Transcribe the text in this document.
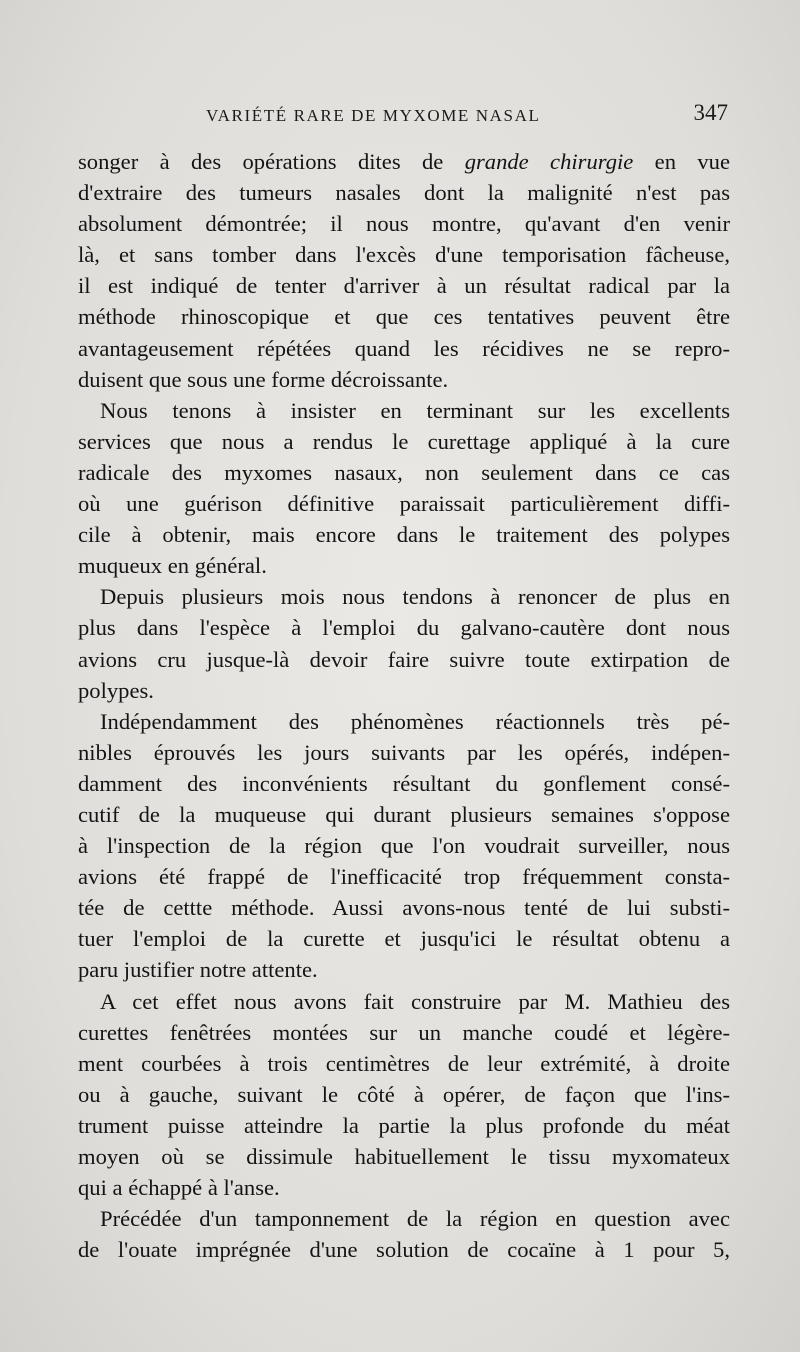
VARIÉTÉ RARE DE MYXOME NASAL	347

songer à des opérations dites de grande chirurgie en vue
d'extraire des tumeurs nasales dont la malignité n'est pas
absolument démontrée; il nous montre, qu'avant d'en venir
là, et sans tomber dans l'excès d'une temporisation fâcheuse,
il est indiqué de tenter d'arriver à un résultat radical par la
méthode rhinoscopique et que ces tentatives peuvent être
avantageusement répétées quand les récidives ne se repro-
duisent que sous une forme décroissante.

Nous tenons à insister en terminant sur les excellents
services que nous a rendus le curettage appliqué à la cure
radicale des myxomes nasaux, non seulement dans ce cas
où une guérison définitive paraissait particulièrement diffi-
cile à obtenir, mais encore dans le traitement des polypes
muqueux en général.

Depuis plusieurs mois nous tendons à renoncer de plus en
plus dans l'espèce à l'emploi du galvano-cautère dont nous
avions cru jusque-là devoir faire suivre toute extirpation de
polypes.

Indépendamment des phénomènes réactionnels très pé-
nibles éprouvés les jours suivants par les opérés, indépen-
damment des inconvénients résultant du gonflement consé-
cutif de la muqueuse qui durant plusieurs semaines s'oppose
à l'inspection de la région que l'on voudrait surveiller, nous
avions été frappé de l'inefficacité trop fréquemment consta-
tée de cettte méthode. Aussi avons-nous tenté de lui substi-
tuer l'emploi de la curette et jusqu'ici le résultat obtenu a
paru justifier notre attente.

A cet effet nous avons fait construire par M. Mathieu des
curettes fenêtrées montées sur un manche coudé et légère-
ment courbées à trois centimètres de leur extrémité, à droite
ou à gauche, suivant le côté à opérer, de façon que l'ins-
trument puisse atteindre la partie la plus profonde du méat
moyen où se dissimule habituellement le tissu myxomateux
qui a échappé à l'anse.

Précédée d'un tamponnement de la région en question avec
de l'ouate imprégnée d'une solution de cocaïne à 1 pour 5,
